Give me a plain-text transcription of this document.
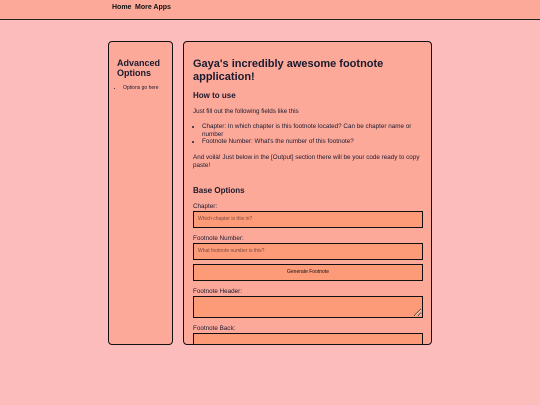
Home More Apps
Advanced Options
• Options go here
Gaya's incredibly awesome footnote application!
How to use

Just fill out the following fields like this

• Chapter: In which chapter is this footnote located? Can be chapter name or number
• Footnote Number: What's the number of this footnote?

And voilà! Just below in the [Output] section there will be your code ready to copy paste!

Base Options
Chapter:
Which chapter is this in?
Footnote Number:
What footnote number is this?
Generate Footnote
Footnote Header:
Footnote Back:
